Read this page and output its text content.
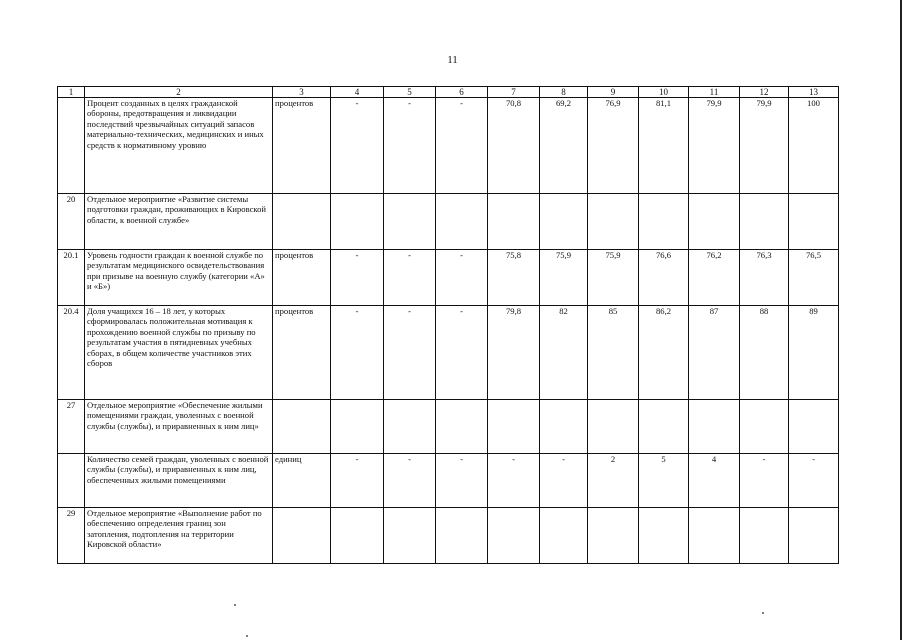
11
1	2	3	4	5	6	7	8	9	10	11	12	13
	Процент созданных в целях гражданской обороны, предотвращения и ликвидации последствий чрезвычайных ситуаций запасов материально-технических, медицинских и иных средств к нормативному уровню	процентов	-	-	-	70,8	69,2	76,9	81,1	79,9	79,9	100
20	Отдельное мероприятие «Развитие системы подготовки граждан, проживающих в Кировской области, к военной службе»											
20.1	Уровень годности граждан к военной службе по результатам медицинского освидетельствования при призыве на военную службу (категории «А» и «Б»)	процентов	-	-	-	75,8	75,9	75,9	76,6	76,2	76,3	76,5
20.4	Доля учащихся 16 – 18 лет, у которых сформировалась положительная мотивация к прохождению военной службы по призыву по результатам участия в пятидневных учебных сборах, в общем количестве участников этих сборов	процентов	-	-	-	79,8	82	85	86,2	87	88	89
27	Отдельное мероприятие «Обеспечение жилыми помещениями граждан, уволенных с военной службы (службы), и приравненных к ним лиц»											
	Количество семей граждан, уволенных с военной службы (службы), и приравненных к ним лиц, обеспеченных жилыми помещениями	единиц	-	-	-	-	-	2	5	4	-	-
29	Отдельное мероприятие «Выполнение работ по обеспечению определения границ зон затопления, подтопления на территории Кировской области»											
